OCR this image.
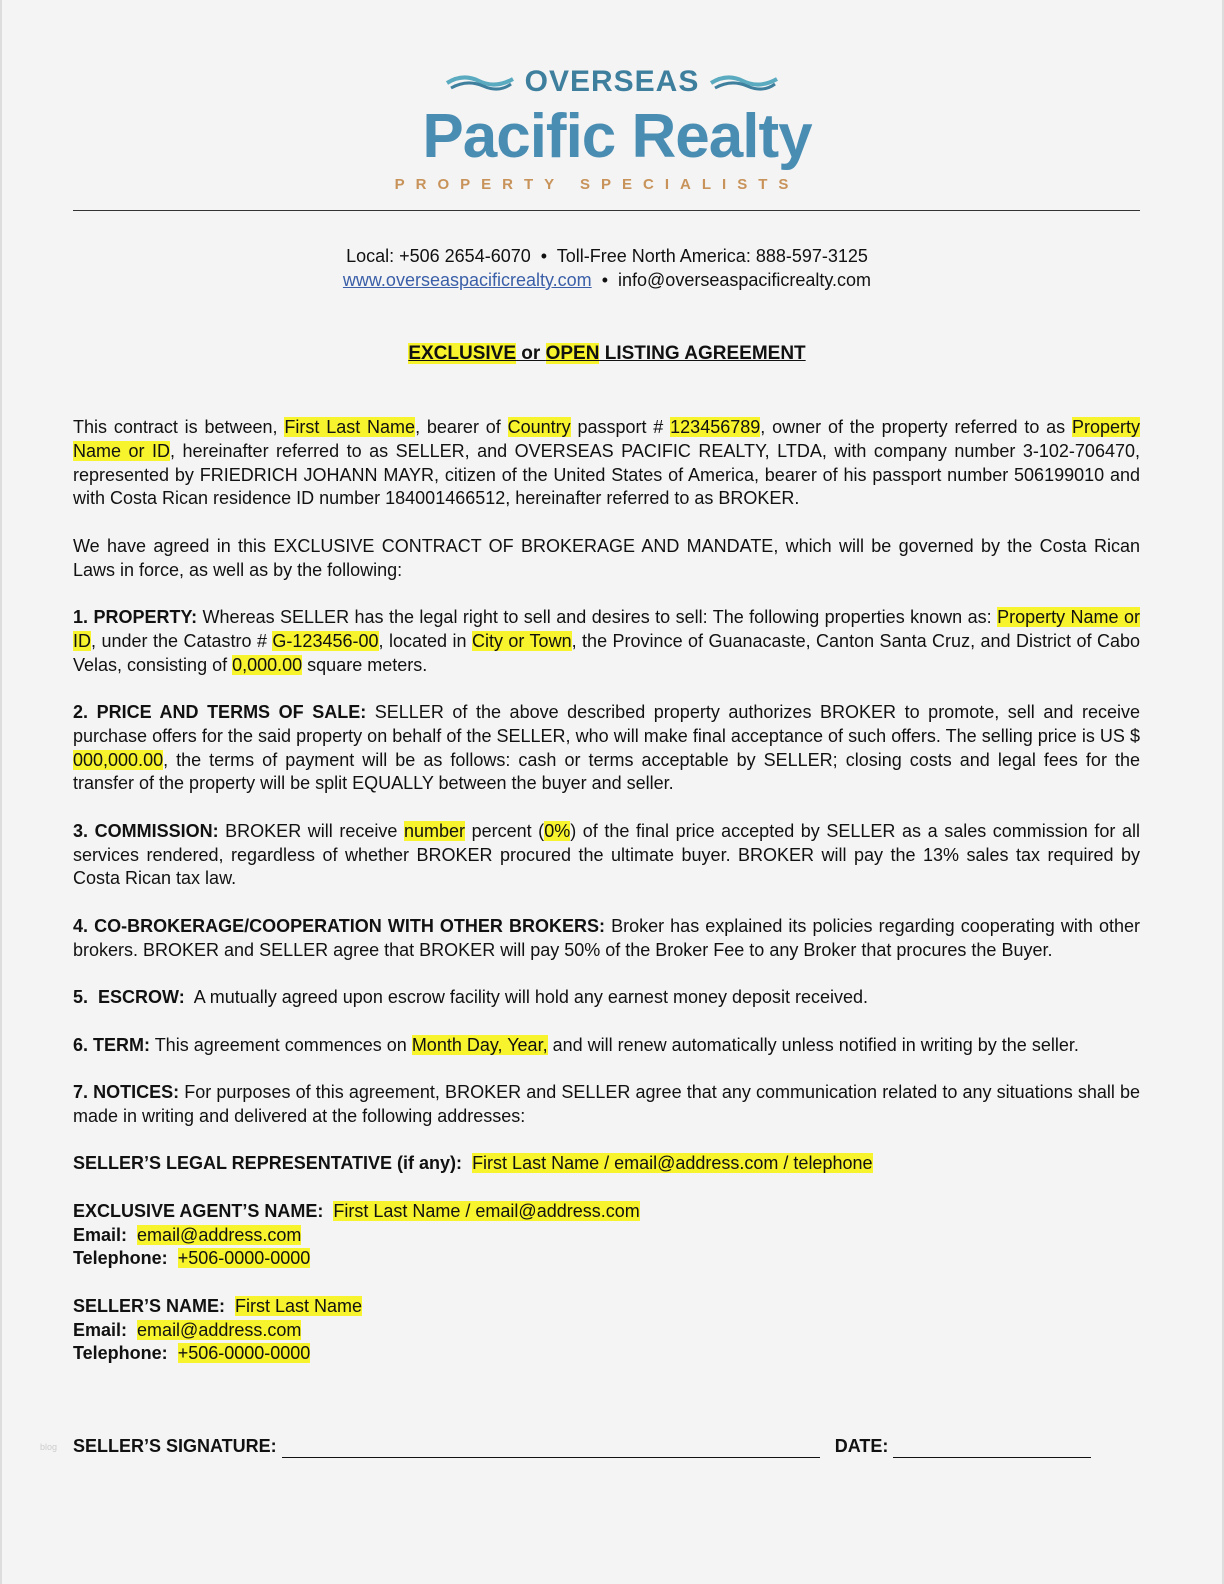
OVERSEAS
Pacific Realty
PROPERTY SPECIALISTS
Local: +506 2654-6070 • Toll-Free North America: 888-597-3125
www.overseaspacificrealty.com • info@overseaspacificrealty.com
EXCLUSIVE or OPEN LISTING AGREEMENT

This contract is between, First Last Name, bearer of Country passport # 123456789, owner of the property referred to as Property Name or ID, hereinafter referred to as SELLER, and OVERSEAS PACIFIC REALTY, LTDA, with company number 3-102-706470, represented by FRIEDRICH JOHANN MAYR, citizen of the United States of America, bearer of his passport number 506199010 and with Costa Rican residence ID number 184001466512, hereinafter referred to as BROKER.

We have agreed in this EXCLUSIVE CONTRACT OF BROKERAGE AND MANDATE, which will be governed by the Costa Rican Laws in force, as well as by the following:

1. PROPERTY: Whereas SELLER has the legal right to sell and desires to sell: The following properties known as: Property Name or ID, under the Catastro # G-123456-00, located in City or Town, the Province of Guanacaste, Canton Santa Cruz, and District of Cabo Velas, consisting of 0,000.00 square meters.

2. PRICE AND TERMS OF SALE: SELLER of the above described property authorizes BROKER to promote, sell and receive purchase offers for the said property on behalf of the SELLER, who will make final acceptance of such offers. The selling price is US $ 000,000.00, the terms of payment will be as follows: cash or terms acceptable by SELLER; closing costs and legal fees for the transfer of the property will be split EQUALLY between the buyer and seller.

3. COMMISSION: BROKER will receive number percent (0%) of the final price accepted by SELLER as a sales commission for all services rendered, regardless of whether BROKER procured the ultimate buyer. BROKER will pay the 13% sales tax required by Costa Rican tax law.

4. CO-BROKERAGE/COOPERATION WITH OTHER BROKERS: Broker has explained its policies regarding cooperating with other brokers. BROKER and SELLER agree that BROKER will pay 50% of the Broker Fee to any Broker that procures the Buyer.

5.  ESCROW:  A mutually agreed upon escrow facility will hold any earnest money deposit received.

6. TERM: This agreement commences on Month Day, Year, and will renew automatically unless notified in writing by the seller.

7. NOTICES: For purposes of this agreement, BROKER and SELLER agree that any communication related to any situations shall be made in writing and delivered at the following addresses:

SELLER’S LEGAL REPRESENTATIVE (if any): First Last Name / email@address.com / telephone

EXCLUSIVE AGENT’S NAME: First Last Name / email@address.com

Email: email@address.com

Telephone: +506-0000-0000

SELLER’S NAME: First Last Name

Email: email@address.com

Telephone: +506-0000-0000

blog SELLER’S SIGNATURE:	DATE:
